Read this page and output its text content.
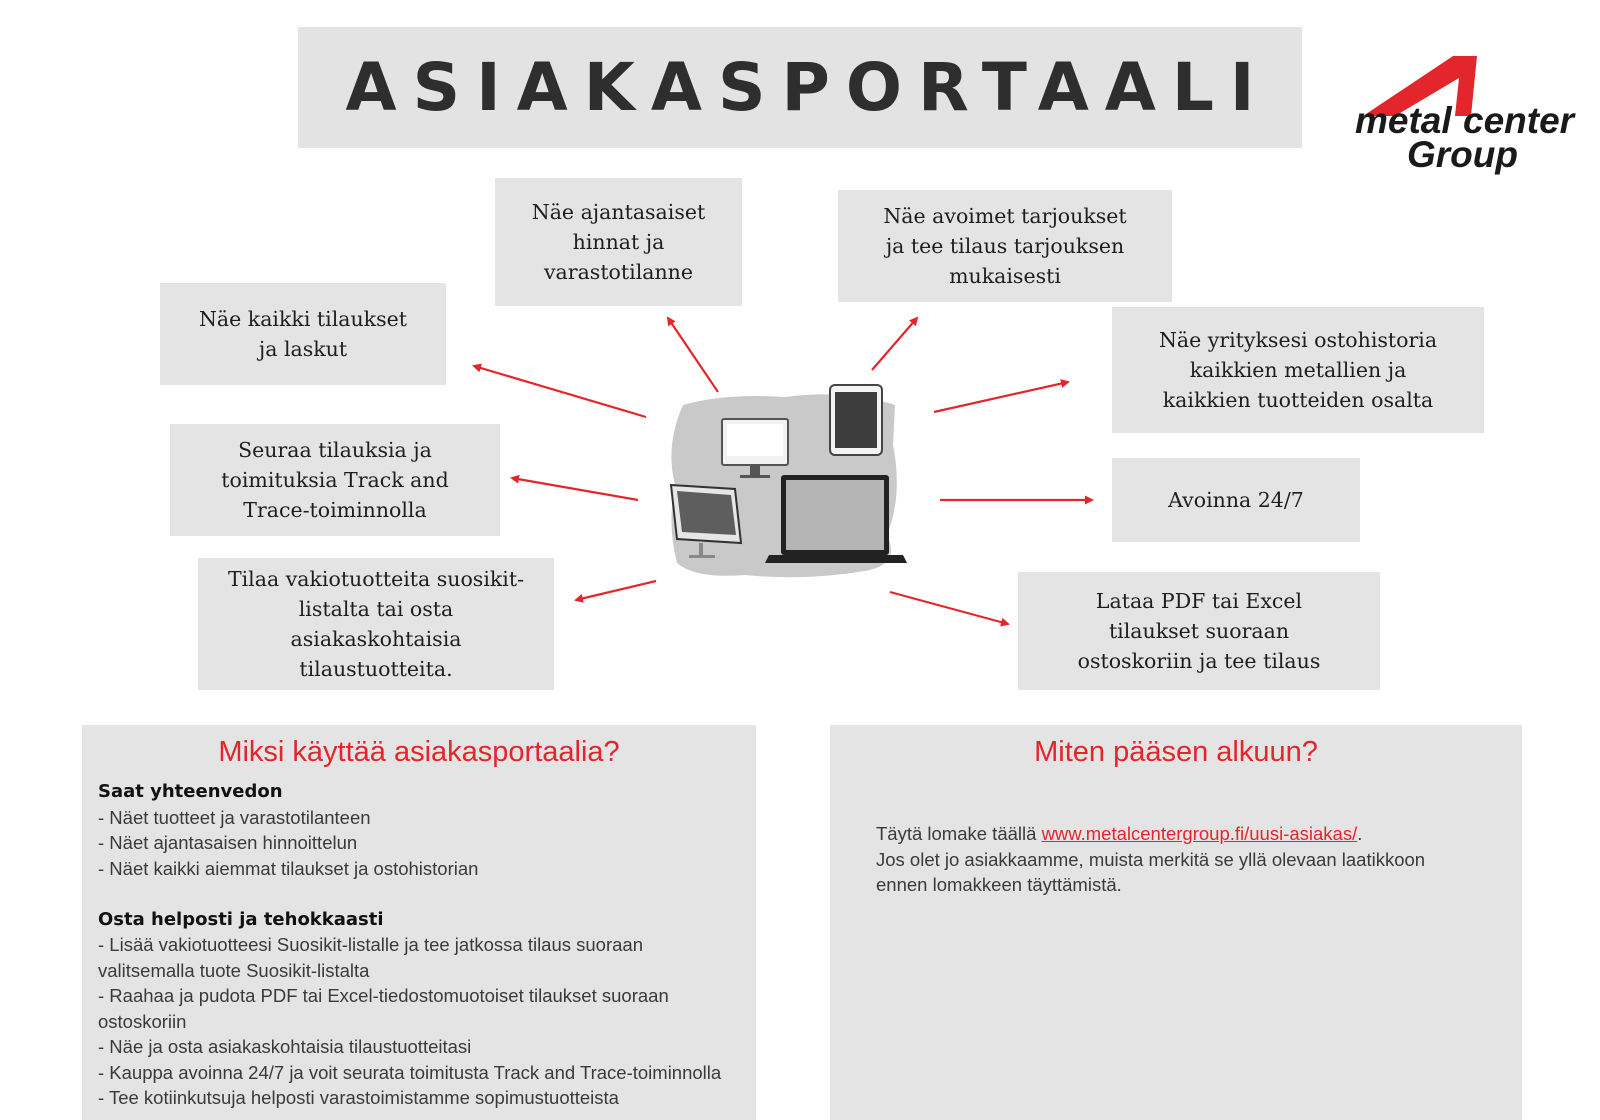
ASIAKASPORTAALI metal center
Group
Näe ajantasaiset
hinnat ja
varastotilanne
Näe avoimet tarjoukset
ja tee tilaus tarjouksen
mukaisesti
Näe kaikki tilaukset
ja laskut	Näe yrityksesi ostohistoria
kaikkien metallien ja
kaikkien tuotteiden osalta
Seuraa tilauksia ja
toimituksia Track and
Trace-toiminnolla	Avoinna 24/7
Tilaa vakiotuotteita suosikit-
listalta tai osta asiakaskohtaisia
tilaustuotteita.
Lataa PDF tai Excel
tilaukset suoraan
ostoskoriin ja tee tilaus
Miksi käyttää asiakasportaalia?
Saat yhteenvedon
- Näet tuotteet ja varastotilanteen
- Näet ajantasaisen hinnoittelun
- Näet kaikki aiemmat tilaukset ja ostohistorian
Osta helposti ja tehokkaasti
- Lisää vakiotuotteesi Suosikit-listalle ja tee jatkossa tilaus suoraan valitsemalla tuote Suosikit-listalta
- Raahaa ja pudota PDF tai Excel-tiedostomuotoiset tilaukset suoraan ostoskoriin
- Näe ja osta asiakaskohtaisia tilaustuotteitasi
- Kauppa avoinna 24/7 ja voit seurata toimitusta Track and Trace-toiminnolla
- Tee kotiinkutsuja helposti varastoimistamme sopimustuotteista
Miten pääsen alkuun?
Täytä lomake täällä www.metalcentergroup.fi/uusi-asiakas/.
Jos olet jo asiakkaamme, muista merkitä se yllä olevaan laatikkoon ennen lomakkeen täyttämistä.
